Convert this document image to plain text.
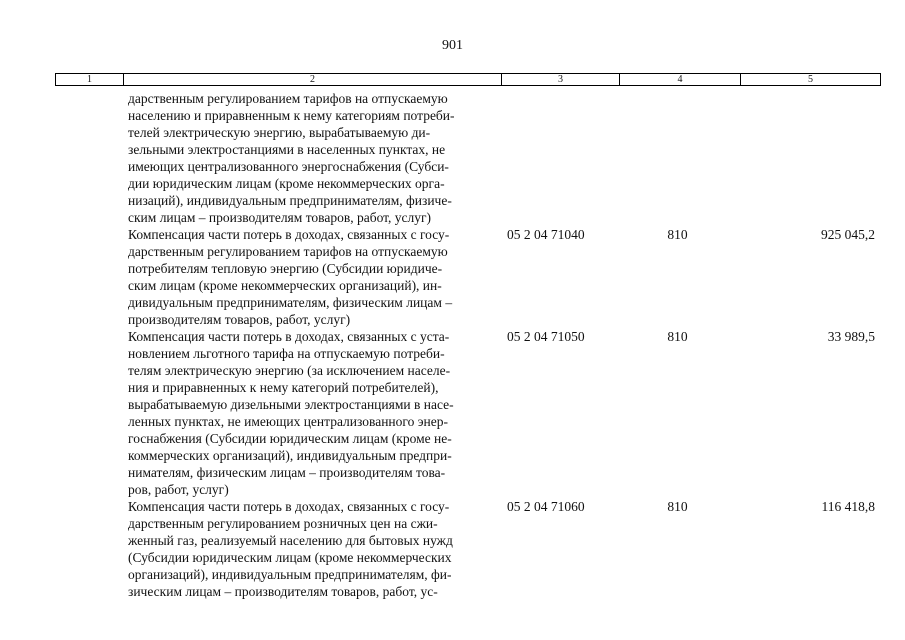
901
1	2	3	4	5
дарственным регулированием тарифов на отпускаемую
населению и приравненным к нему категориям потреби-
телей электрическую энергию, вырабатываемую ди-
зельными электростанциями в населенных пунктах, не
имеющих централизованного энергоснабжения (Субси-
дии юридическим лицам (кроме некоммерческих орга-
низаций), индивидуальным предпринимателям, физиче-
ским лицам – производителям товаров, работ, услуг)
Компенсация части потерь в доходах, связанных с госу-
дарственным регулированием тарифов на отпускаемую
потребителям тепловую энергию (Субсидии юридиче-
ским лицам (кроме некоммерческих организаций), ин-
дивидуальным предпринимателям, физическим лицам –
производителям товаров, работ, услуг)
05 2 04 71040	810	925 045,2
Компенсация части потерь в доходах, связанных с уста-
новлением льготного тарифа на отпускаемую потреби-
телям электрическую энергию (за исключением населе-
ния и приравненных к нему категорий потребителей),
вырабатываемую дизельными электростанциями в насе-
ленных пунктах, не имеющих централизованного энер-
госнабжения (Субсидии юридическим лицам (кроме не-
коммерческих организаций), индивидуальным предпри-
нимателям, физическим лицам – производителям това-
ров, работ, услуг)
05 2 04 71050	810	33 989,5
Компенсация части потерь в доходах, связанных с госу-
дарственным регулированием розничных цен на сжи-
женный газ, реализуемый населению для бытовых нужд
(Субсидии юридическим лицам (кроме некоммерческих
организаций), индивидуальным предпринимателям, фи-
зическим лицам – производителям товаров, работ, ус-
05 2 04 71060	810	116 418,8
